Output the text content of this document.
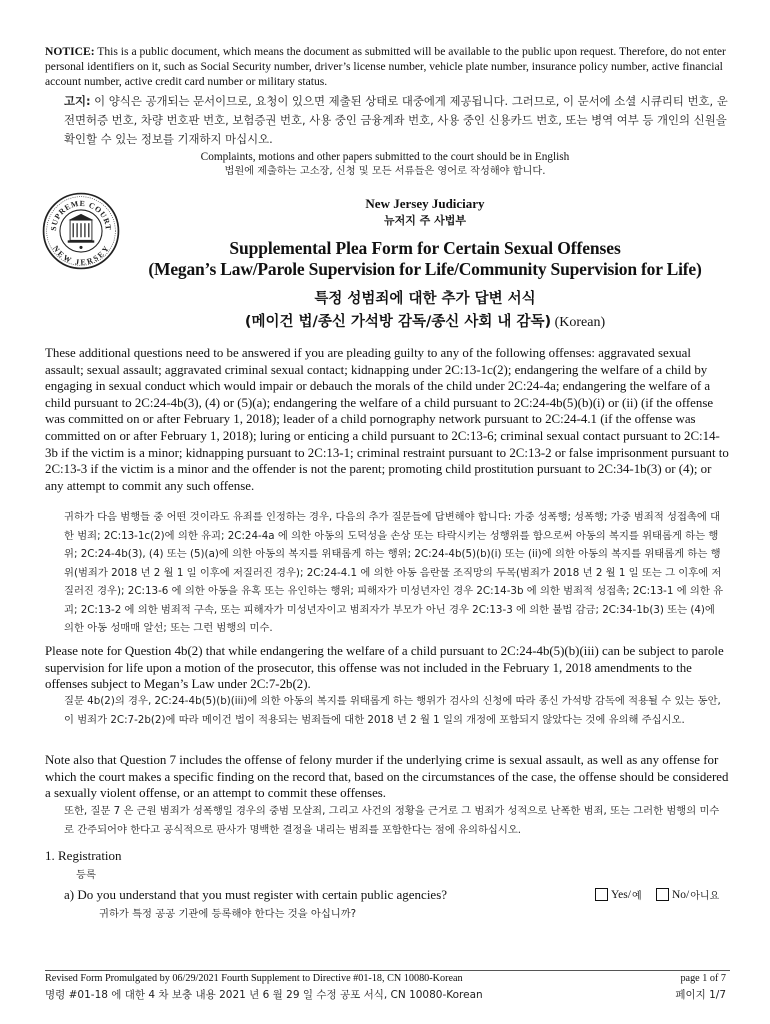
NOTICE: This is a public document, which means the document as submitted will be available to the public upon request. Therefore, do not enter personal identifiers on it, such as Social Security number, driver’s license number, vehicle plate number, insurance policy number, active financial account number, active credit card number or military status.
고지: 이 양식은 공개되는 문서이므로, 요청이 있으면 제출된 상태로 대중에게 제공됩니다. 그러므로, 이 문서에 소셜 시큐리티 번호, 운전면허증 번호, 차량 번호판 번호, 보험증권 번호, 사용 중인 금융계좌 번호, 사용 중인 신용카드 번호, 또는 병역 여부 등 개인의 신원을 확인할 수 있는 정보를 기재하지 마십시오.
Complaints, motions and other papers submitted to the court should be in English
법원에 제출하는 고소장, 신청 및 모든 서류들은 영어로 작성해야 합니다.
SUPREME COURT
NEW JERSEY
New Jersey Judiciary
뉴저지 주 사법부
Supplemental Plea Form for Certain Sexual Offenses
(Megan’s Law/Parole Supervision for Life/Community Supervision for Life)
특정 성범죄에 대한 추가 답변 서식
(메이건 법/종신 가석방 감독/종신 사회 내 감독) (Korean)
These additional questions need to be answered if you are pleading guilty to any of the following offenses: aggravated sexual assault; sexual assault; aggravated criminal sexual contact; kidnapping under 2C:13-1c(2); endangering the welfare of a child by engaging in sexual conduct which would impair or debauch the morals of the child under 2C:24-4a; endangering the welfare of a child pursuant to 2C:24-4b(3), (4) or (5)(a); endangering the welfare of a child pursuant to 2C:24-4b(5)(b)(i) or (ii) (if the offense was committed on or after February 1, 2018); leader of a child pornography network pursuant to 2C:24-4.1 (if the offense was committed on or after February 1, 2018); luring or enticing a child pursuant to 2C:13-6; criminal sexual contact pursuant to 2C:14-3b if the victim is a minor; kidnapping pursuant to 2C:13-1; criminal restraint pursuant to 2C:13-2 or false imprisonment pursuant to 2C:13-3 if the victim is a minor and the offender is not the parent; promoting child prostitution pursuant to 2C:34-1b(3) or (4); or any attempt to commit any such offense.
귀하가 다음 범행들 중 어떤 것이라도 유죄를 인정하는 경우, 다음의 추가 질문들에 답변해야 합니다: 가중 성폭행; 성폭행; 가중 범죄적 성접촉에 대한 범죄; 2C:13-1c(2)에 의한 유괴; 2C:24-4a 에 의한 아동의 도덕성을 손상 또는 타락시키는 성행위를 함으로써 아동의 복지를 위태롭게 하는 행위; 2C:24-4b(3), (4) 또는 (5)(a)에 의한 아동의 복지를 위태롭게 하는 행위; 2C:24-4b(5)(b)(i) 또는 (ii)에 의한 아동의 복지를 위태롭게 하는 행위(범죄가 2018 년 2 월 1 일 이후에 저질러진 경우); 2C:24-4.1 에 의한 아동 음란물 조직망의 두목(범죄가 2018 년 2 월 1 일 또는 그 이후에 저질러진 경우); 2C:13-6 에 의한 아동을 유혹 또는 유인하는 행위; 피해자가 미성년자인 경우 2C:14-3b 에 의한 범죄적 성접촉; 2C:13-1 에 의한 유괴; 2C:13-2 에 의한 범죄적 구속, 또는 피해자가 미성년자이고 범죄자가 부모가 아닌 경우 2C:13-3 에 의한 불법 감금; 2C:34-1b(3) 또는 (4)에 의한 아동 성매매 알선; 또는 그런 범행의 미수.
Please note for Question 4b(2) that while endangering the welfare of a child pursuant to 2C:24-4b(5)(b)(iii) can be subject to parole supervision for life upon a motion of the prosecutor, this offense was not included in the February 1, 2018 amendments to the offenses subject to Megan’s Law under 2C:7-2b(2).
질문 4b(2)의 경우, 2C:24-4b(5)(b)(iii)에 의한 아동의 복지를 위태롭게 하는 행위가 검사의 신청에 따라 종신 가석방 감독에 적용될 수 있는 동안, 이 범죄가 2C:7-2b(2)에 따라 메이건 법이 적용되는 범죄들에 대한 2018 년 2 월 1 일의 개정에 포함되지 않았다는 것에 유의해 주십시오.
Note also that Question 7 includes the offense of felony murder if the underlying crime is sexual assault, as well as any offense for which the court makes a specific finding on the record that, based on the circumstances of the case, the offense should be considered a sexually violent offense, or an attempt to commit these offenses.
또한, 질문 7 은 근원 범죄가 성폭행일 경우의 중범 모살죄, 그리고 사건의 정황을 근거로 그 범죄가 성적으로 난폭한 범죄, 또는 그러한 범행의 미수로 간주되어야 한다고 공식적으로 판사가 명백한 결정을 내리는 범죄를 포함한다는 점에 유의하십시오.
1. Registration
등록
a) Do you understand that you must register with certain public agencies?
귀하가 특정 공공 기관에 등록해야 한다는 것을 아십니까?
Yes/ 예	No/ 아니요
Revised Form Promulgated by 06/29/2021 Fourth Supplement to Directive #01-18, CN 10080-Korean
명령 #01-18 에 대한 4 차 보충 내용 2021 년 6 월 29 일 수정 공포 서식, CN 10080-Korean
page 1 of 7
페이지 1/7
